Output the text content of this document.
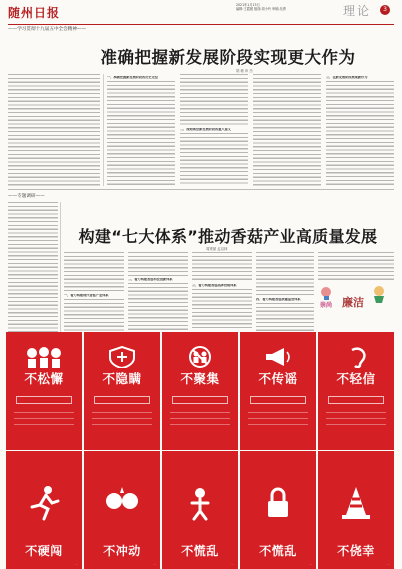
随州日报
2021年1月13日
编辑:王霞媛 版面:周小玲 审稿:吴勇	理论	3
——学习贯彻十九届五中全会精神——
准确把握新发展阶段实现更大作为
胡 敏 申 杰
一、准确把握新发展阶段的历史定位
二、深刻领会新发展阶段的重大意义
三、在新发展阶段展现新作为
——专题调研——
构建“七大体系”推动香菇产业高质量发展
周贤斌 孟双林
一、着力构建现代香菇产业体系
二、着力构建香菇科技创新体系
三、着力构建香菇品牌营销体系
四、着力构建香菇质量监管体系
崇尚 廉洁
不松懈	不隐瞒	不聚集	不传谣	不轻信
不硬闯
···
不冲动
···
不慌乱
···
不慌乱
···
不侥幸
···
